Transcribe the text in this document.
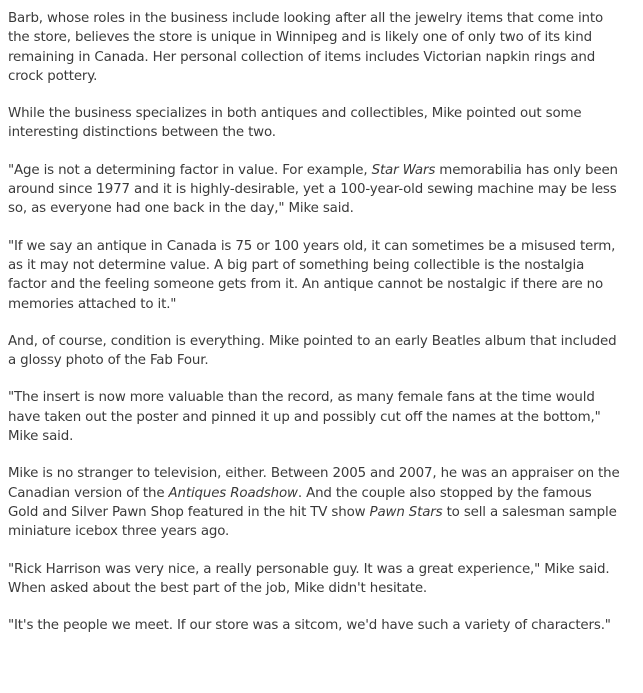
Barb, whose roles in the business include looking after all the jewelry items that come into the store, believes the store is unique in Winnipeg and is likely one of only two of its kind remaining in Canada. Her personal collection of items includes Victorian napkin rings and crock pottery.

While the business specializes in both antiques and collectibles, Mike pointed out some interesting distinctions between the two.

"Age is not a determining factor in value. For example, Star Wars memorabilia has only been around since 1977 and it is highly-desirable, yet a 100-year-old sewing machine may be less so, as everyone had one back in the day," Mike said.

"If we say an antique in Canada is 75 or 100 years old, it can sometimes be a misused term, as it may not determine value. A big part of something being collectible is the nostalgia factor and the feeling someone gets from it. An antique cannot be nostalgic if there are no memories attached to it."

And, of course, condition is everything. Mike pointed to an early Beatles album that included a glossy photo of the Fab Four.

"The insert is now more valuable than the record, as many female fans at the time would have taken out the poster and pinned it up and possibly cut off the names at the bottom," Mike said.

Mike is no stranger to television, either. Between 2005 and 2007, he was an appraiser on the Canadian version of the Antiques Roadshow. And the couple also stopped by the famous Gold and Silver Pawn Shop featured in the hit TV show Pawn Stars to sell a salesman sample miniature icebox three years ago.

"Rick Harrison was very nice, a really personable guy. It was a great experience," Mike said. When asked about the best part of the job, Mike didn't hesitate.

"It's the people we meet. If our store was a sitcom, we'd have such a variety of characters."
